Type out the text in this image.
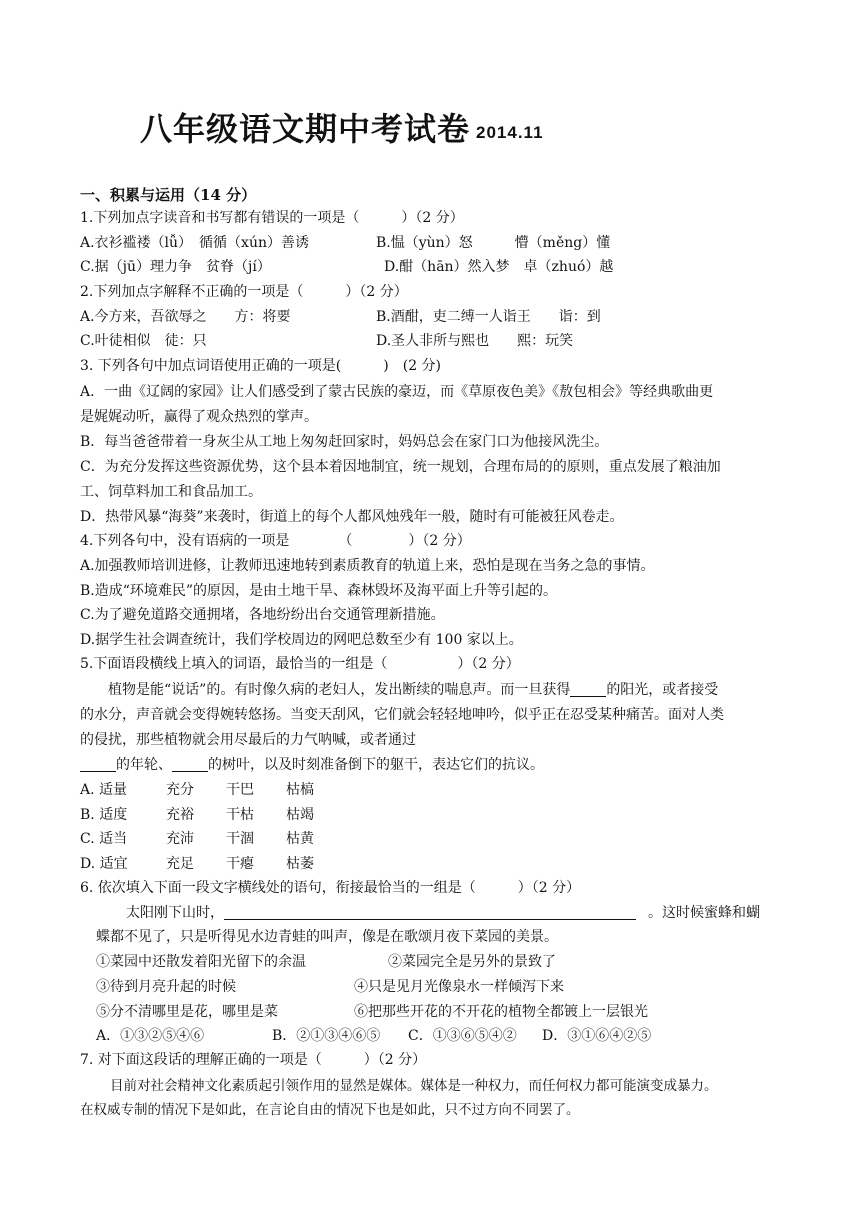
八年级语文期中考试卷 2014.11
一、积累与运用（14 分）
1.下列加点字读音和书写都有错误的一项是（　　　）（2 分）
A.衣衫褴褛（lǚ）　循循（xún）善诱	B.愠（yùn）怒　　　懵（měng）懂
C.据（jū）理力争　贫脊（jí）	D.酣（hān）然入梦　卓（zhuó）越
2.下列加点字解释不正确的一项是（　　　）（2 分）
A.今方来，吾欲辱之　　方：将要	B.酒酣，吏二缚一人诣王　　诣：到
C.叶徒相似　徒：只	D.圣人非所与熙也　　熙：玩笑
3. 下列各句中加点词语使用正确的一项是(　　　)　(2 分)
A．一曲《辽阔的家园》让人们感受到了蒙古民族的豪迈，而《草原夜色美》《敖包相会》等经典歌曲更
是娓娓动听，赢得了观众热烈的掌声。
B．每当爸爸带着一身灰尘从工地上匆匆赶回家时，妈妈总会在家门口为他接风洗尘。
C．为充分发挥这些资源优势，这个县本着因地制宜，统一规划，合理布局的的原则，重点发展了粮油加
工、饲草料加工和食品加工。
D．热带风暴“海葵”来袭时，街道上的每个人都风烛残年一般，随时有可能被狂风卷走。
4.下列各句中，没有语病的一项是　　　　（　　　　）（2 分）
A.加强教师培训进修，让教师迅速地转到素质教育的轨道上来，恐怕是现在当务之急的事情。
B.造成“环境难民”的原因，是由土地干旱、森林毁坏及海平面上升等引起的。
C.为了避免道路交通拥堵，各地纷纷出台交通管理新措施。
D.据学生社会调查统计，我们学校周边的网吧总数至少有 100 家以上。
5.下面语段横线上填入的词语，最恰当的一组是（　　　　　）（2 分）
植物是能“说话”的。有时像久病的老妇人，发出断续的喘息声。而一旦获得	的阳光，或者接受
的水分，声音就会变得婉转悠扬。当变天刮风，它们就会轻轻地呻吟，似乎正在忍受某种痛苦。面对人类
的侵扰，那些植物就会用尽最后的力气呐喊，或者通过
的年轮、	的树叶，以及时刻准备倒下的躯干，表达它们的抗议。
A. 适量	充分 干巴 枯槁
B. 适度	充裕 干枯 枯竭
C. 适当	充沛 干涸 枯黄
D. 适宜	充足 干瘪 枯萎
6. 依次填入下面一段文字横线处的语句，衔接最恰当的一组是（　　　）（2 分）
太阳刚下山时，	。这时候蜜蜂和蝴
蝶都不见了，只是听得见水边青蛙的叫声，像是在歌颂月夜下菜园的美景。
①菜园中还散发着阳光留下的余温	②菜园完全是另外的景致了
③待到月亮升起的时候	④只是见月光像泉水一样倾泻下来
⑤分不清哪里是花，哪里是菜	⑥把那些开花的不开花的植物全都镀上一层银光
A．①③②⑤④⑥	B．②①③④⑥⑤ C．①③⑥⑤④② D．③①⑥④②⑤
7. 对下面这段话的理解正确的一项是（　　　）（2 分）
目前对社会精神文化素质起引领作用的显然是媒体。媒体是一种权力，而任何权力都可能演变成暴力。
在权威专制的情况下是如此，在言论自由的情况下也是如此，只不过方向不同罢了。
